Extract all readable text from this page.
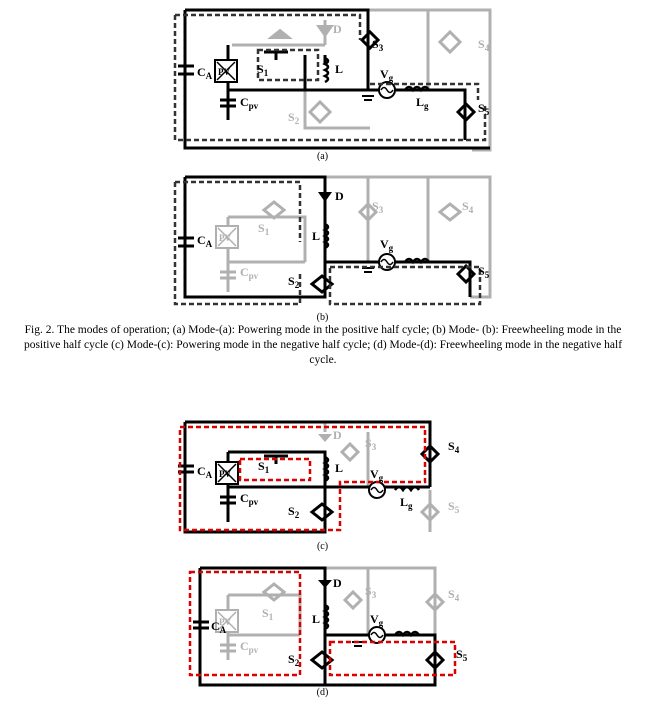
$C_A$ PV
$C_{pv}$
$S_1$
$S_2$
L
D
$S_3$	$S_4$
$V_g$
$L_g$	$S_5$
(a)
$C_A$
PV
$C_{pv}$
$S_1$
$S_2$
L
D
$S_3$	$S_4$
$V_g$
$S_5$
(b)
Fig. 2. The modes of operation; (a) Mode-(a): Powering mode in the positive half cycle; (b) Mode- (b): Freewheeling mode in the positive half cycle (c) Mode-(c): Powering mode in the negative half cycle; (d) Mode-(d): Freewheeling mode in the negative half cycle.
$C_A$ PV
$C_{pv}$
$S_1$
$S_2$
L
D
$S_3$	$S_4$
$V_g$
$L_g$	$S_5$
(c)
$C_A$
PV
$C_{pv}$
$S_1$
$S_2$
L
D
$S_3$	$S_4$
$V_g$
$S_5$
(d)
